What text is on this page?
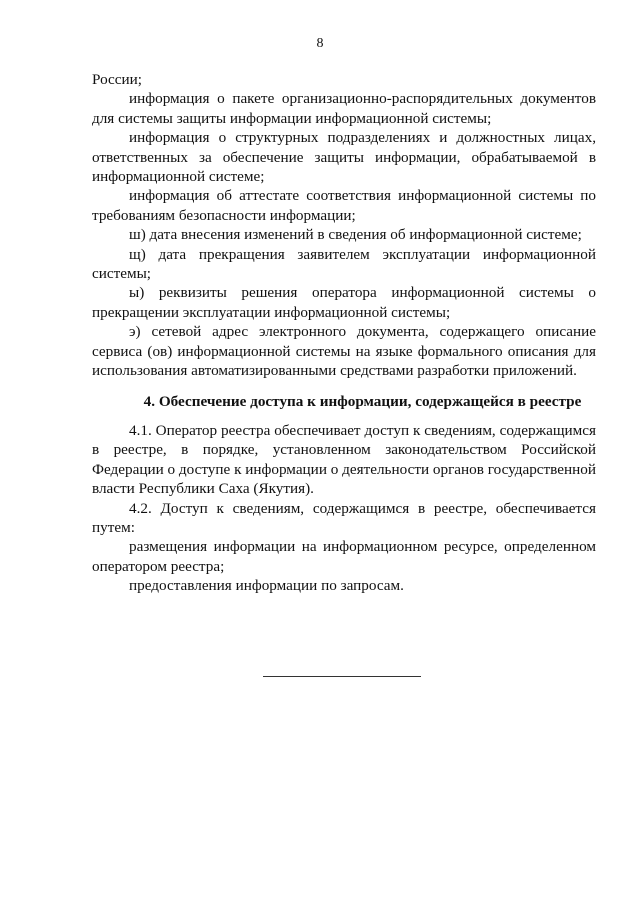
8

России;

информация о пакете организационно-распорядительных документов для системы защиты информации информационной системы;

информация о структурных подразделениях и должностных лицах, ответственных за обеспечение защиты информации, обрабатываемой в информационной системе;

информация об аттестате соответствия информационной системы по требованиям безопасности информации;

ш) дата внесения изменений в сведения об информационной системе;

щ) дата прекращения заявителем эксплуатации информационной системы;

ы) реквизиты решения оператора информационной системы о прекращении эксплуатации информационной системы;

э) сетевой адрес электронного документа, содержащего описание сервиса (ов) информационной системы на языке формального описания для использования автоматизированными средствами разработки приложений.

4. Обеспечение доступа к информации, содержащейся в реестре

4.1. Оператор реестра обеспечивает доступ к сведениям, содержащимся в реестре, в порядке, установленном законодательством Российской Федерации о доступе к информации о деятельности органов государственной власти Республики Саха (Якутия).

4.2. Доступ к сведениям, содержащимся в реестре, обеспечивается путем:

размещения информации на информационном ресурсе, определенном оператором реестра;

предоставления информации по запросам.
